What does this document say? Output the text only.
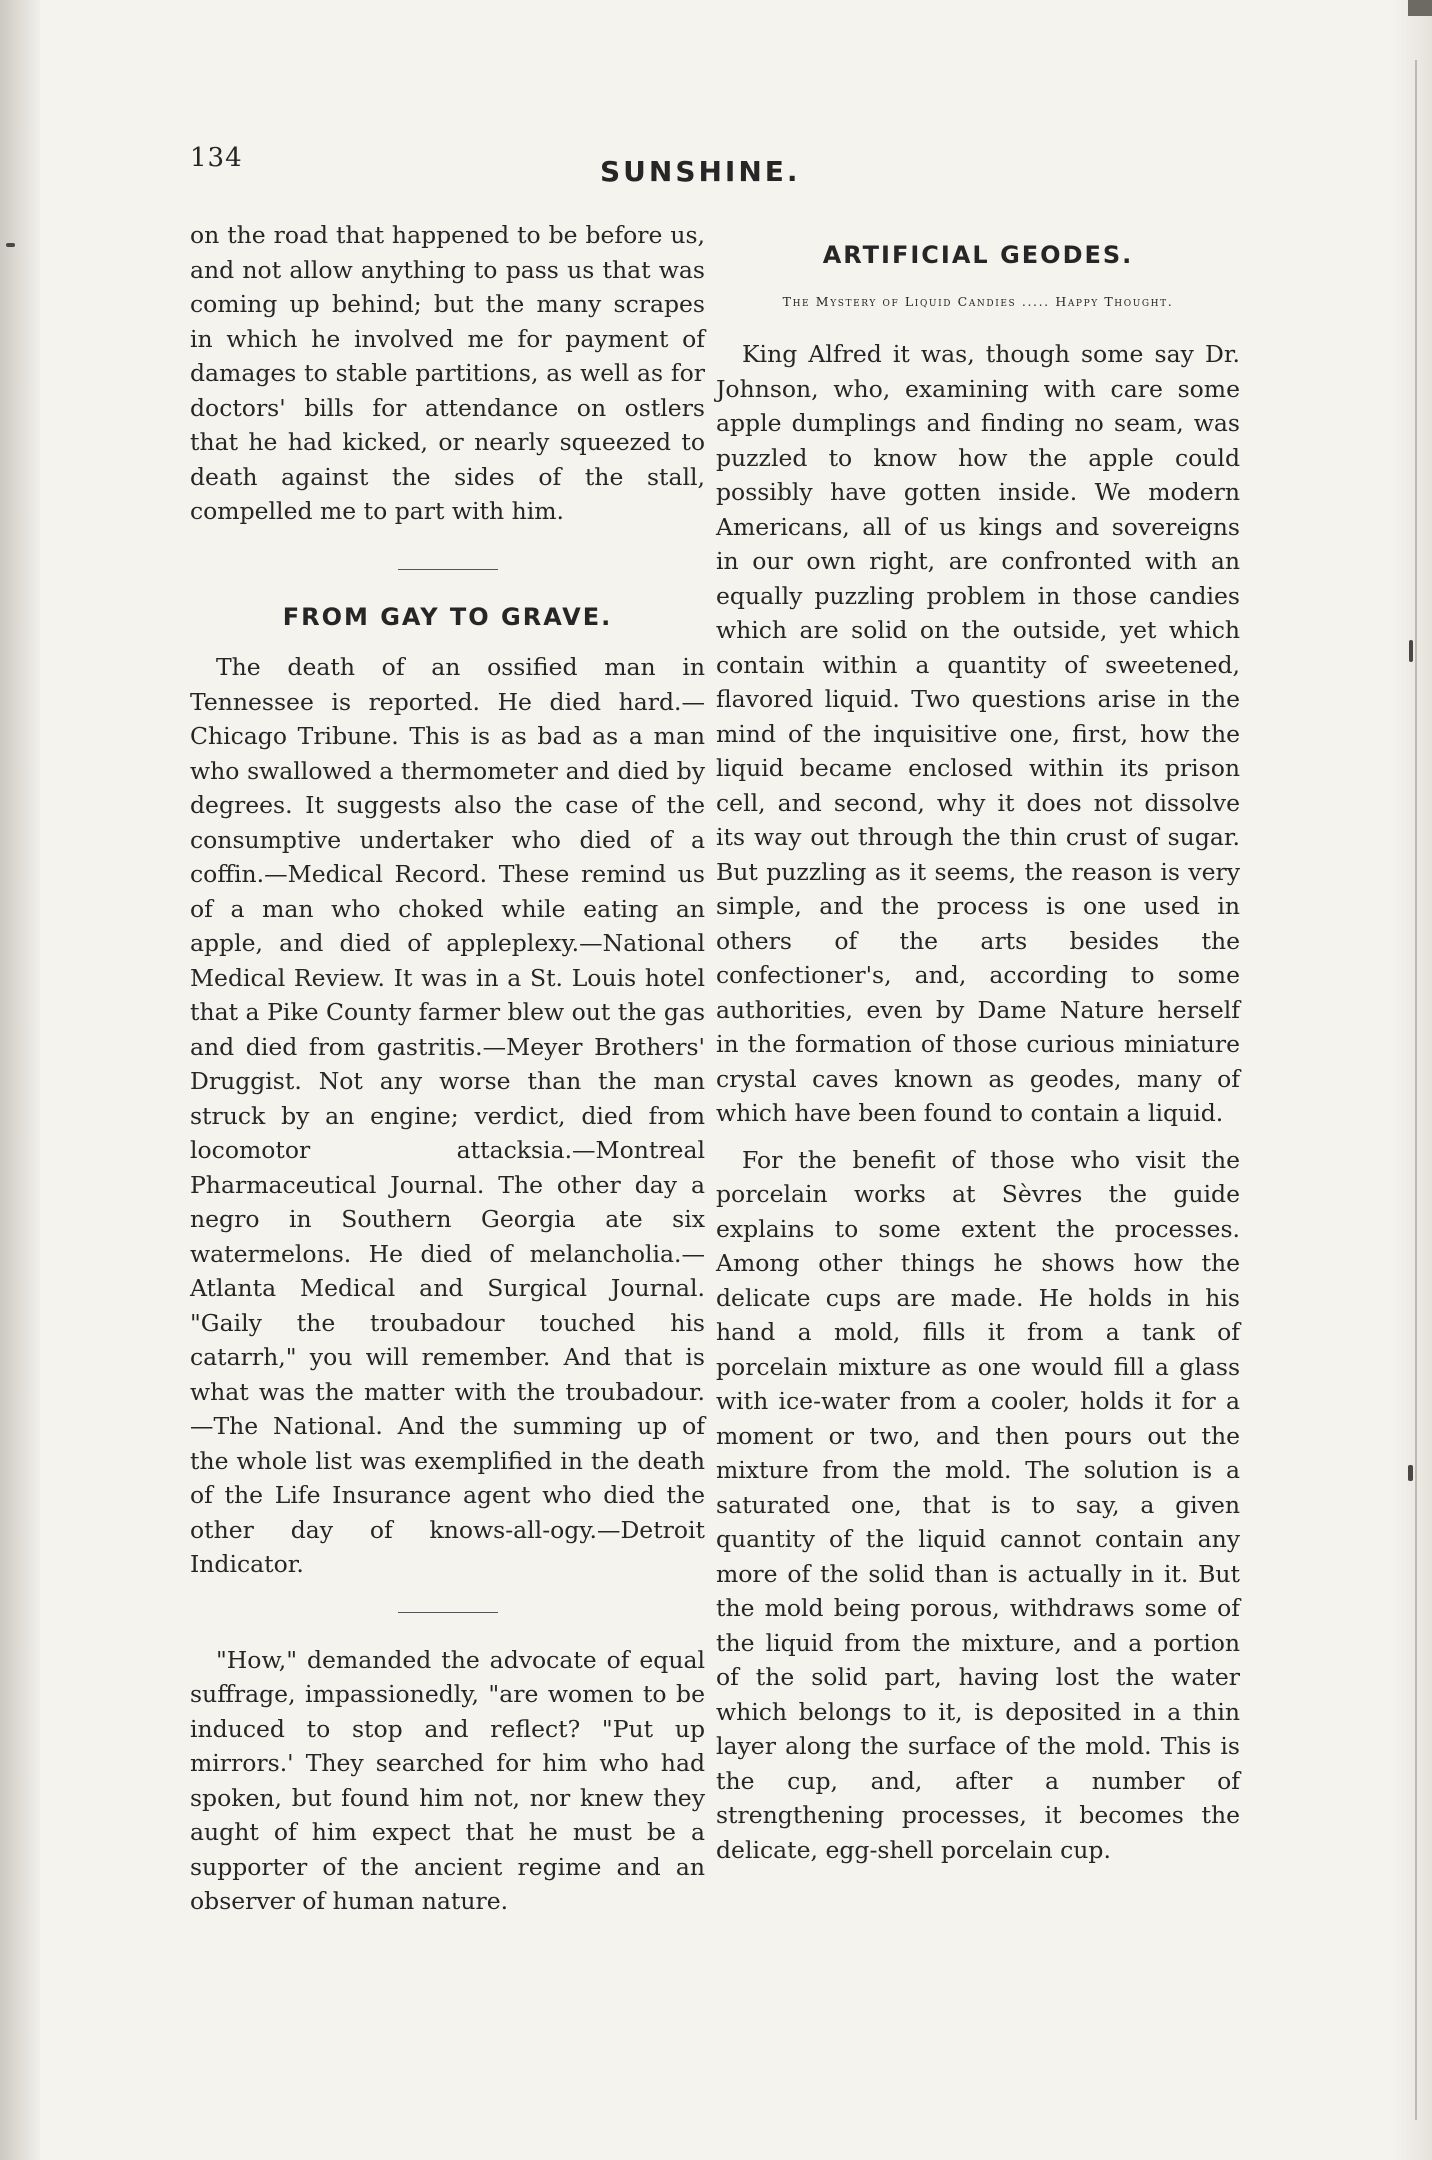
134	SUNSHINE.

on the road that happened to be before us, and not allow anything to pass us that was coming up behind; but the many scrapes in which he involved me for payment of damages to stable partitions, as well as for doctors' bills for attendance on ostlers that he had kicked, or nearly squeezed to death against the sides of the stall, compelled me to part with him.

FROM GAY TO GRAVE.

The death of an ossified man in Tennessee is reported. He died hard.—Chicago Tribune. This is as bad as a man who swallowed a thermometer and died by degrees. It suggests also the case of the consumptive undertaker who died of a coffin.—Medical Record. These remind us of a man who choked while eating an apple, and died of appleplexy.—National Medical Review. It was in a St. Louis hotel that a Pike County farmer blew out the gas and died from gastritis.—Meyer Brothers' Druggist. Not any worse than the man struck by an engine; verdict, died from locomotor attacksia.—Montreal Pharmaceutical Journal. The other day a negro in Southern Georgia ate six watermelons. He died of melancholia.—Atlanta Medical and Surgical Journal. "Gaily the troubadour touched his catarrh," you will remember. And that is what was the matter with the troubadour.—The National. And the summing up of the whole list was exemplified in the death of the Life Insurance agent who died the other day of knows-all-ogy.—Detroit Indicator.

"How," demanded the advocate of equal suffrage, impassionedly, "are women to be induced to stop and reflect? "Put up mirrors.' They searched for him who had spoken, but found him not, nor knew they aught of him expect that he must be a supporter of the ancient regime and an observer of human nature.

ARTIFICIAL GEODES.
The Mystery of Liquid Candies ..... Happy Thought.

King Alfred it was, though some say Dr. Johnson, who, examining with care some apple dumplings and finding no seam, was puzzled to know how the apple could possibly have gotten inside. We modern Americans, all of us kings and sovereigns in our own right, are confronted with an equally puzzling problem in those candies which are solid on the outside, yet which contain within a quantity of sweetened, flavored liquid. Two questions arise in the mind of the inquisitive one, first, how the liquid became enclosed within its prison cell, and second, why it does not dissolve its way out through the thin crust of sugar. But puzzling as it seems, the reason is very simple, and the process is one used in others of the arts besides the confectioner's, and, according to some authorities, even by Dame Nature herself in the formation of those curious miniature crystal caves known as geodes, many of which have been found to contain a liquid.

For the benefit of those who visit the porcelain works at Sèvres the guide explains to some extent the processes. Among other things he shows how the delicate cups are made. He holds in his hand a mold, fills it from a tank of porcelain mixture as one would fill a glass with ice-water from a cooler, holds it for a moment or two, and then pours out the mixture from the mold. The solution is a saturated one, that is to say, a given quantity of the liquid cannot contain any more of the solid than is actually in it. But the mold being porous, withdraws some of the liquid from the mixture, and a portion of the solid part, having lost the water which belongs to it, is deposited in a thin layer along the surface of the mold. This is the cup, and, after a number of strengthening processes, it becomes the delicate, egg-shell porcelain cup.
